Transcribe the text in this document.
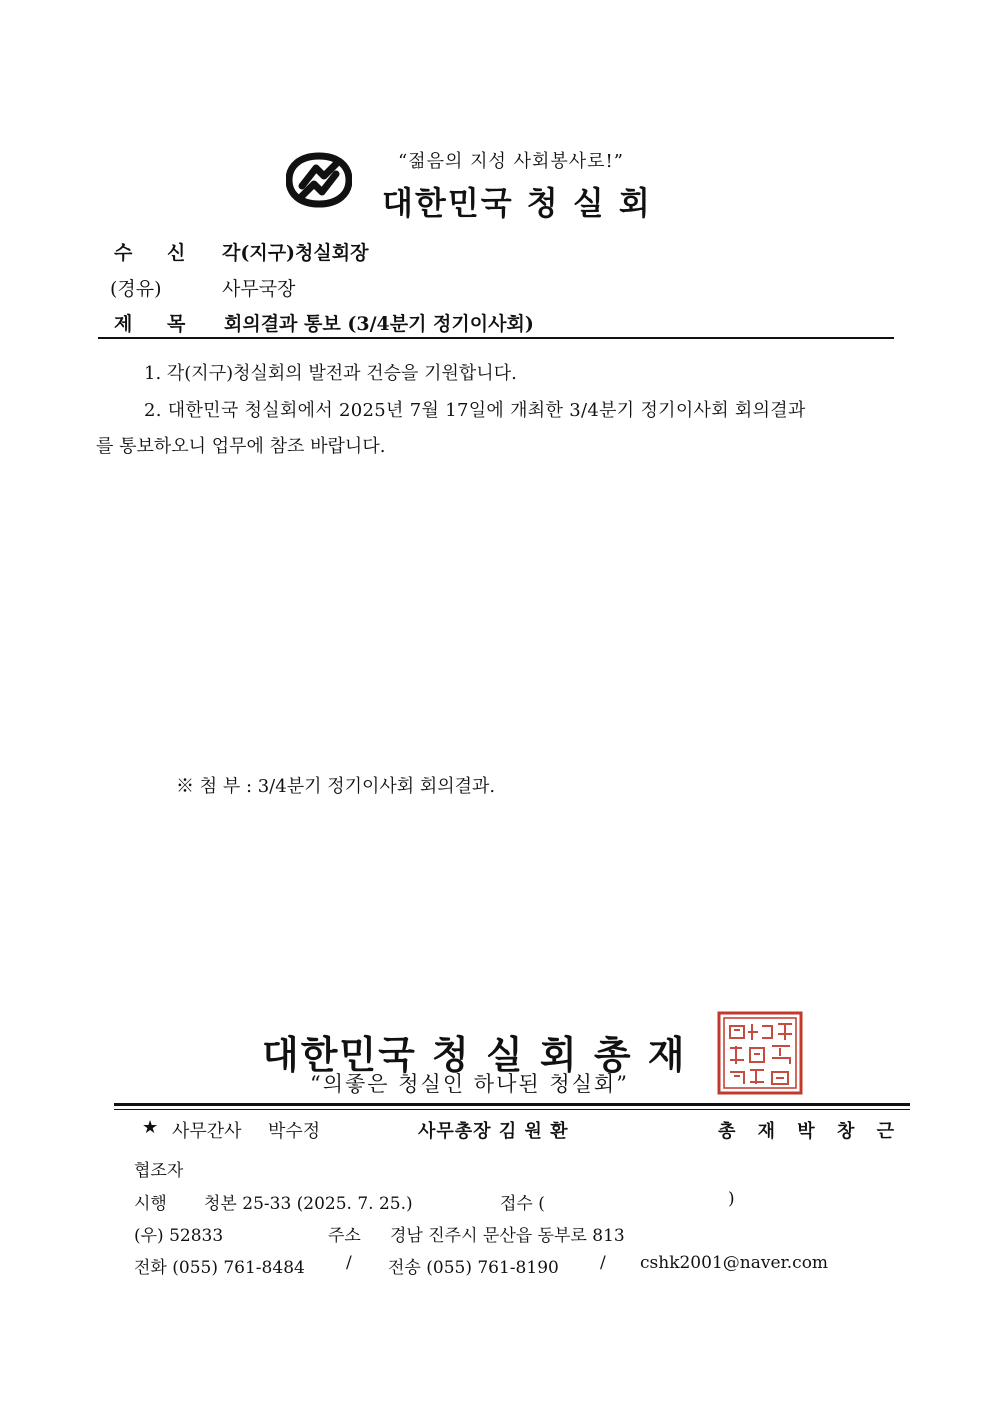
“젊음의 지성 사회봉사로!”
대한민국 청 실 회
수 신 각(지구)청실회장
(경유)	사무국장
제 목 회의결과 통보 (3/4분기 정기이사회)
1. 각(지구)청실회의 발전과 건승을 기원합니다.
2. 대한민국 청실회에서 2025년 7월 17일에 개최한 3/4분기 정기이사회 회의결과
를 통보하오니 업무에 참조 바랍니다.
※ 첨 부 : 3/4분기 정기이사회 회의결과.
대한민국 청 실 회 총 재
“의좋은 청실인 하나된 청실회”
★ 사무간사 박수정	사무총장 김 원 환	총 재 박 창 근
협조자
시행 청본 25-33 (2025. 7. 25.)	접수 (	)
(우) 52833	주소 경남 진주시 문산읍 동부로 813
전화 (055) 761-8484 / 전송 (055) 761-8190 / cshk2001@naver.com
